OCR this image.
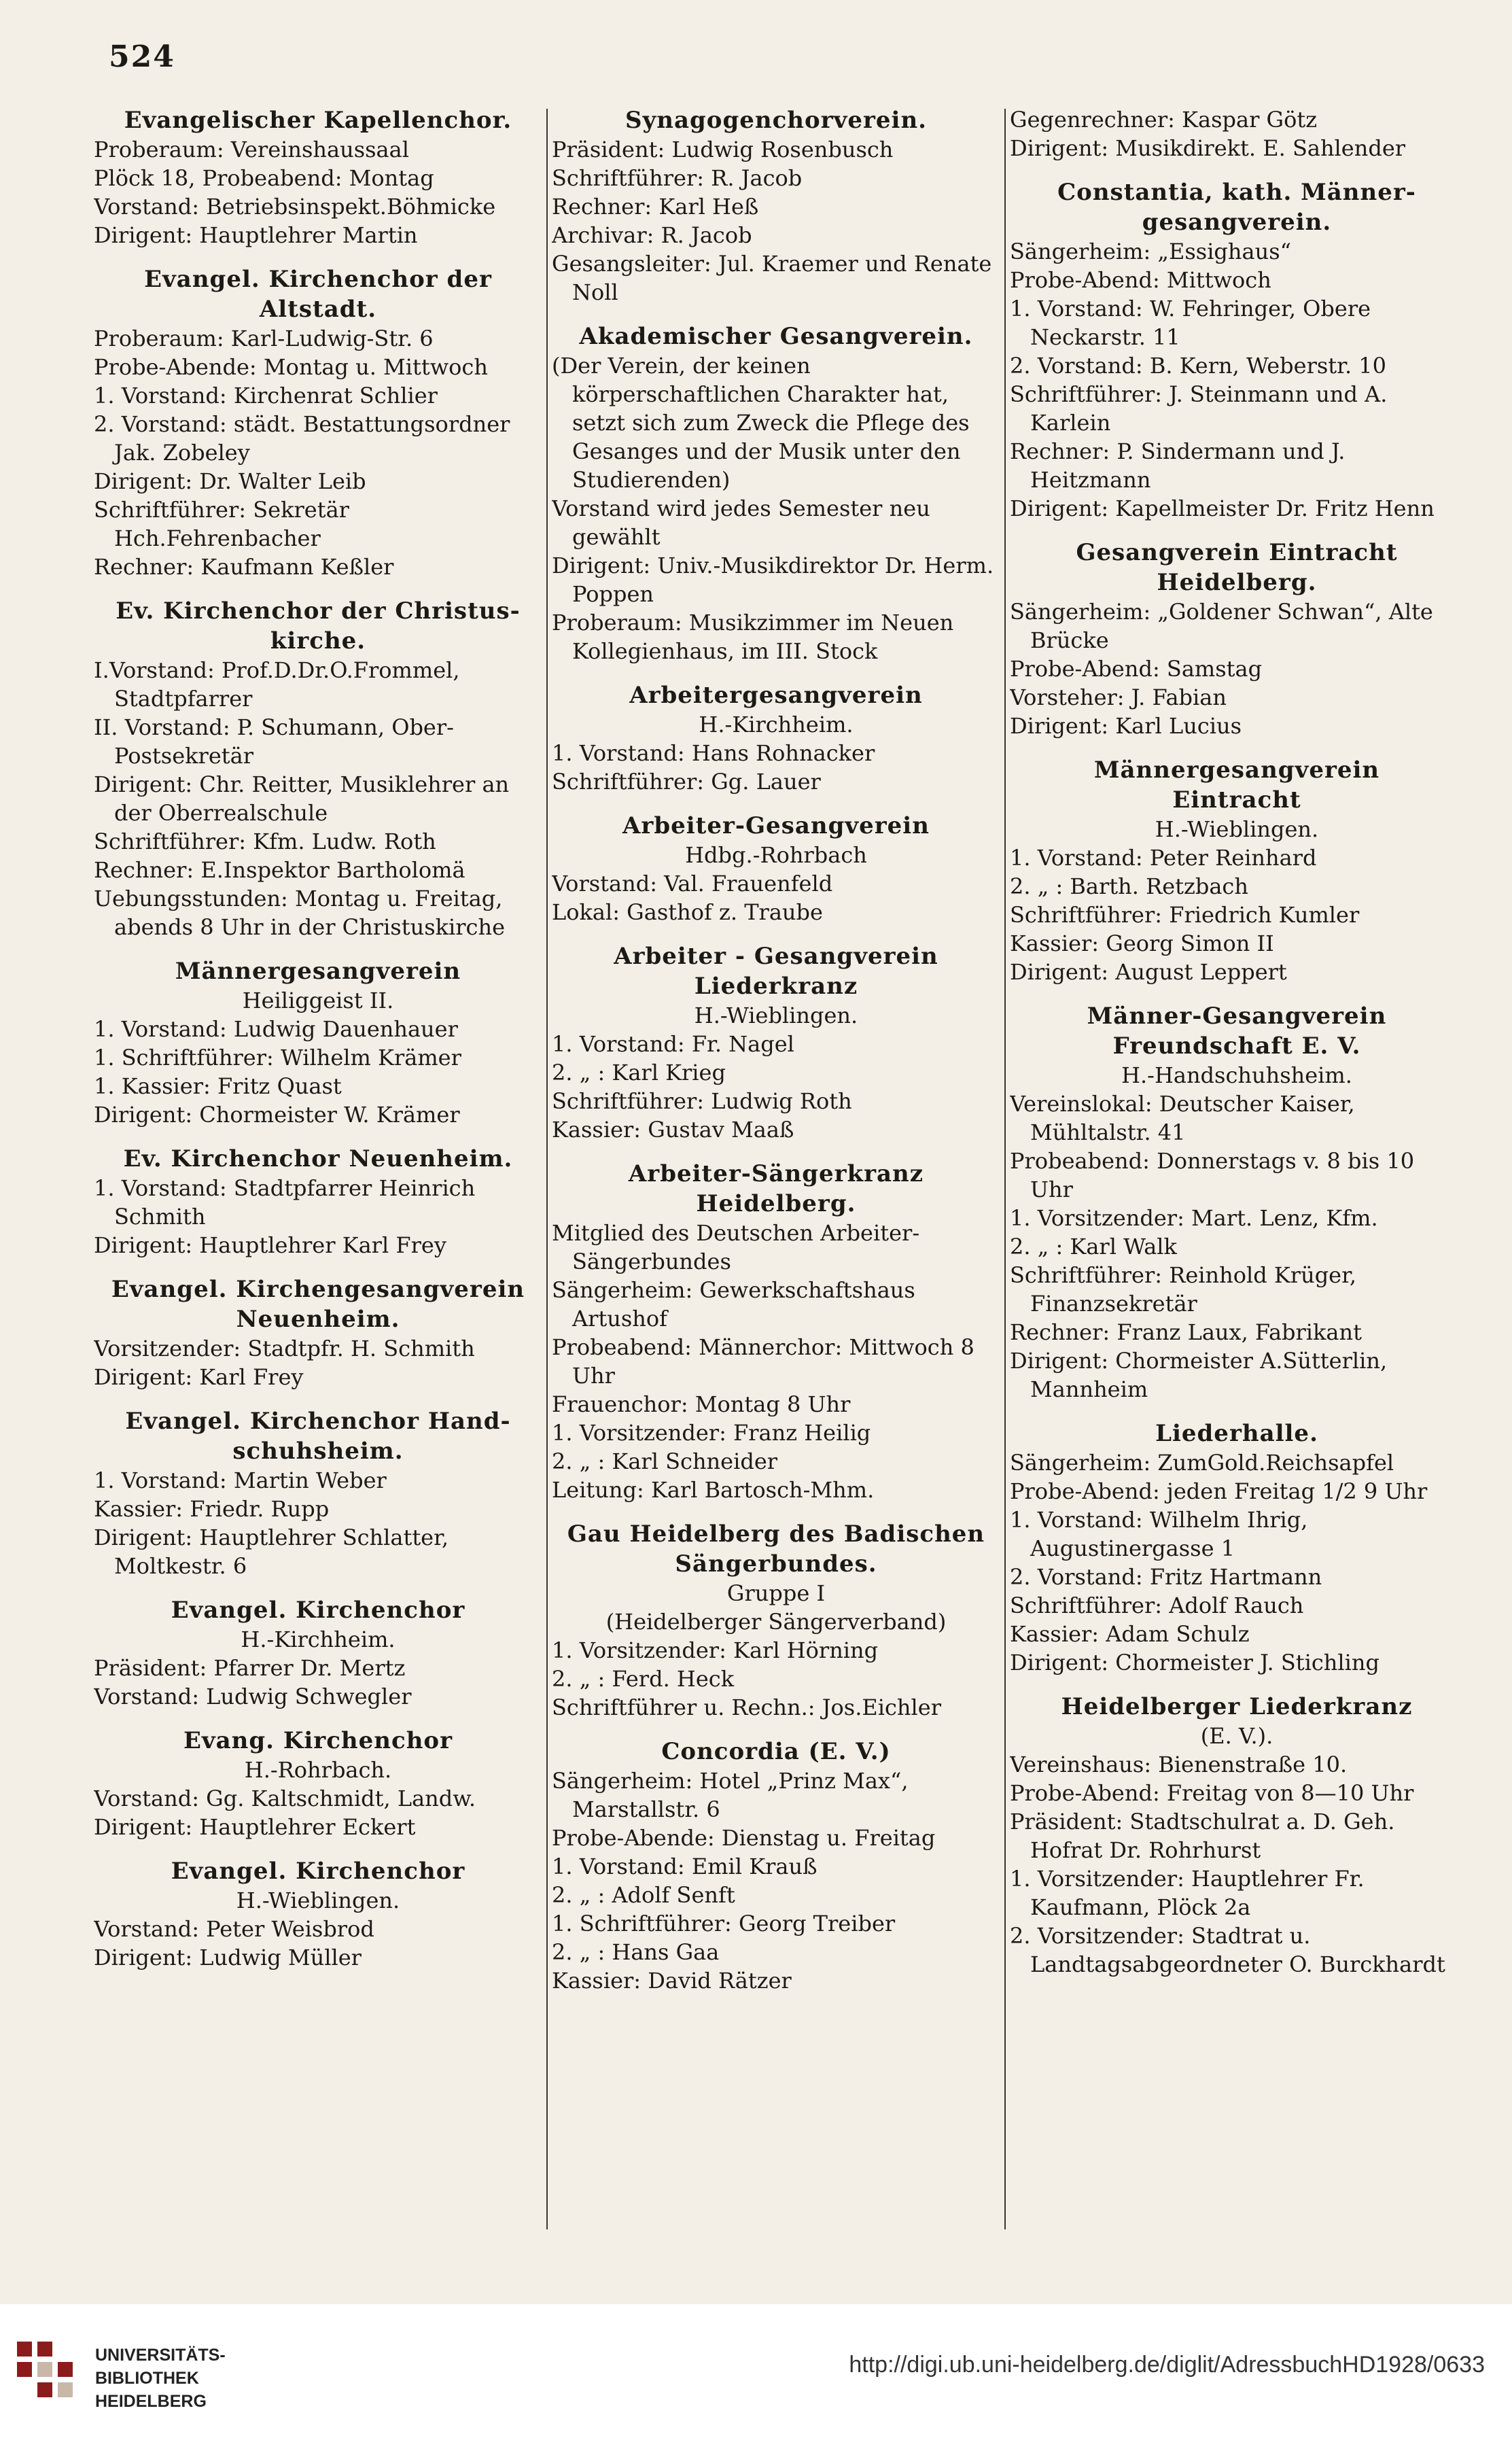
524
Evangelischer Kapellenchor.
Proberaum: Vereinshaussaal
Plöck 18, Probeabend: Montag
Vorstand: Betriebsinspekt.Böhmicke
Dirigent: Hauptlehrer Martin
Evangel. Kirchenchor der
Altstadt.
Proberaum: Karl-Ludwig-Str. 6
Probe-Abende: Montag u. Mittwoch
1. Vorstand: Kirchenrat Schlier
2. Vorstand: städt. Bestattungsordner Jak. Zobeley
Dirigent: Dr. Walter Leib
Schriftführer: Sekretär Hch.Fehrenbacher
Rechner: Kaufmann Keßler
Ev. Kirchenchor der Christus-
kirche.
I.Vorstand: Prof.D.Dr.O.Frommel, Stadtpfarrer
II. Vorstand: P. Schumann, Ober-Postsekretär
Dirigent: Chr. Reitter, Musiklehrer an der Oberrealschule
Schriftführer: Kfm. Ludw. Roth
Rechner: E.Inspektor Bartholomä
Uebungsstunden: Montag u. Freitag, abends 8 Uhr in der Christuskirche
Männergesangverein
Heiliggeist II.
1. Vorstand: Ludwig Dauenhauer
1. Schriftführer: Wilhelm Krämer
1. Kassier: Fritz Quast
Dirigent: Chormeister W. Krämer
Ev. Kirchenchor Neuenheim.
1. Vorstand: Stadtpfarrer Heinrich Schmith
Dirigent: Hauptlehrer Karl Frey
Evangel. Kirchengesangverein
Neuenheim.
Vorsitzender: Stadtpfr. H. Schmith
Dirigent: Karl Frey
Evangel. Kirchenchor Hand-
schuhsheim.
1. Vorstand: Martin Weber
Kassier: Friedr. Rupp
Dirigent: Hauptlehrer Schlatter, Moltkestr. 6
Evangel. Kirchenchor
H.-Kirchheim.
Präsident: Pfarrer Dr. Mertz
Vorstand: Ludwig Schwegler
Evang. Kirchenchor
H.-Rohrbach.
Vorstand: Gg. Kaltschmidt, Landw.
Dirigent: Hauptlehrer Eckert
Evangel. Kirchenchor
H.-Wieblingen.
Vorstand: Peter Weisbrod
Dirigent: Ludwig Müller
Synagogenchorverein.
Präsident: Ludwig Rosenbusch
Schriftführer: R. Jacob
Rechner: Karl Heß
Archivar: R. Jacob
Gesangsleiter: Jul. Kraemer und Renate Noll
Akademischer Gesangverein.
(Der Verein, der keinen körperschaftlichen Charakter hat, setzt sich zum Zweck die Pflege des Gesanges und der Musik unter den Studierenden)
Vorstand wird jedes Semester neu gewählt
Dirigent: Univ.-Musikdirektor Dr. Herm. Poppen
Proberaum: Musikzimmer im Neuen Kollegienhaus, im III. Stock
Arbeitergesangverein
H.-Kirchheim.
1. Vorstand: Hans Rohnacker
Schriftführer: Gg. Lauer
Arbeiter-Gesangverein
Hdbg.-Rohrbach
Vorstand: Val. Frauenfeld
Lokal: Gasthof z. Traube
Arbeiter - Gesangverein
Liederkranz
H.-Wieblingen.
1. Vorstand: Fr. Nagel
2. „ : Karl Krieg
Schriftführer: Ludwig Roth
Kassier: Gustav Maaß
Arbeiter-Sängerkranz
Heidelberg.
Mitglied des Deutschen Arbeiter-Sängerbundes
Sängerheim: Gewerkschaftshaus Artushof
Probeabend: Männerchor: Mittwoch 8 Uhr
Frauenchor: Montag 8 Uhr
1. Vorsitzender: Franz Heilig
2. „ : Karl Schneider
Leitung: Karl Bartosch-Mhm.
Gau Heidelberg des Badischen
Sängerbundes.
Gruppe I
(Heidelberger Sängerverband)
1. Vorsitzender: Karl Hörning
2. „ : Ferd. Heck
Schriftführer u. Rechn.: Jos.Eichler
Concordia (E. V.)
Sängerheim: Hotel „Prinz Max“, Marstallstr. 6
Probe-Abende: Dienstag u. Freitag
1. Vorstand: Emil Krauß
2. „ : Adolf Senft
1. Schriftführer: Georg Treiber
2. „ : Hans Gaa
Kassier: David Rätzer
Gegenrechner: Kaspar Götz
Dirigent: Musikdirekt. E. Sahlender
Constantia, kath. Männer-
gesangverein.
Sängerheim: „Essighaus“
Probe-Abend: Mittwoch
1. Vorstand: W. Fehringer, Obere Neckarstr. 11
2. Vorstand: B. Kern, Weberstr. 10
Schriftführer: J. Steinmann und A. Karlein
Rechner: P. Sindermann und J. Heitzmann
Dirigent: Kapellmeister Dr. Fritz Henn
Gesangverein Eintracht
Heidelberg.
Sängerheim: „Goldener Schwan“, Alte Brücke
Probe-Abend: Samstag
Vorsteher: J. Fabian
Dirigent: Karl Lucius
Männergesangverein
Eintracht
H.-Wieblingen.
1. Vorstand: Peter Reinhard
2. „ : Barth. Retzbach
Schriftführer: Friedrich Kumler
Kassier: Georg Simon II
Dirigent: August Leppert
Männer-Gesangverein
Freundschaft E. V.
H.-Handschuhsheim.
Vereinslokal: Deutscher Kaiser, Mühltalstr. 41
Probeabend: Donnerstags v. 8 bis 10 Uhr
1. Vorsitzender: Mart. Lenz, Kfm.
2. „ : Karl Walk
Schriftführer: Reinhold Krüger, Finanzsekretär
Rechner: Franz Laux, Fabrikant
Dirigent: Chormeister A.Sütterlin, Mannheim
Liederhalle.
Sängerheim: ZumGold.Reichsapfel
Probe-Abend: jeden Freitag 1/2 9 Uhr
1. Vorstand: Wilhelm Ihrig, Augustinergasse 1
2. Vorstand: Fritz Hartmann
Schriftführer: Adolf Rauch
Kassier: Adam Schulz
Dirigent: Chormeister J. Stichling
Heidelberger Liederkranz
(E. V.).
Vereinshaus: Bienenstraße 10.
Probe-Abend: Freitag von 8—10 Uhr
Präsident: Stadtschulrat a. D. Geh. Hofrat Dr. Rohrhurst
1. Vorsitzender: Hauptlehrer Fr. Kaufmann, Plöck 2a
2. Vorsitzender: Stadtrat u. Landtagsabgeordneter O. Burckhardt
UNIVERSITÄTS-
BIBLIOTHEK
HEIDELBERG
http://digi.ub.uni-heidelberg.de/diglit/AdressbuchHD1928/0633
